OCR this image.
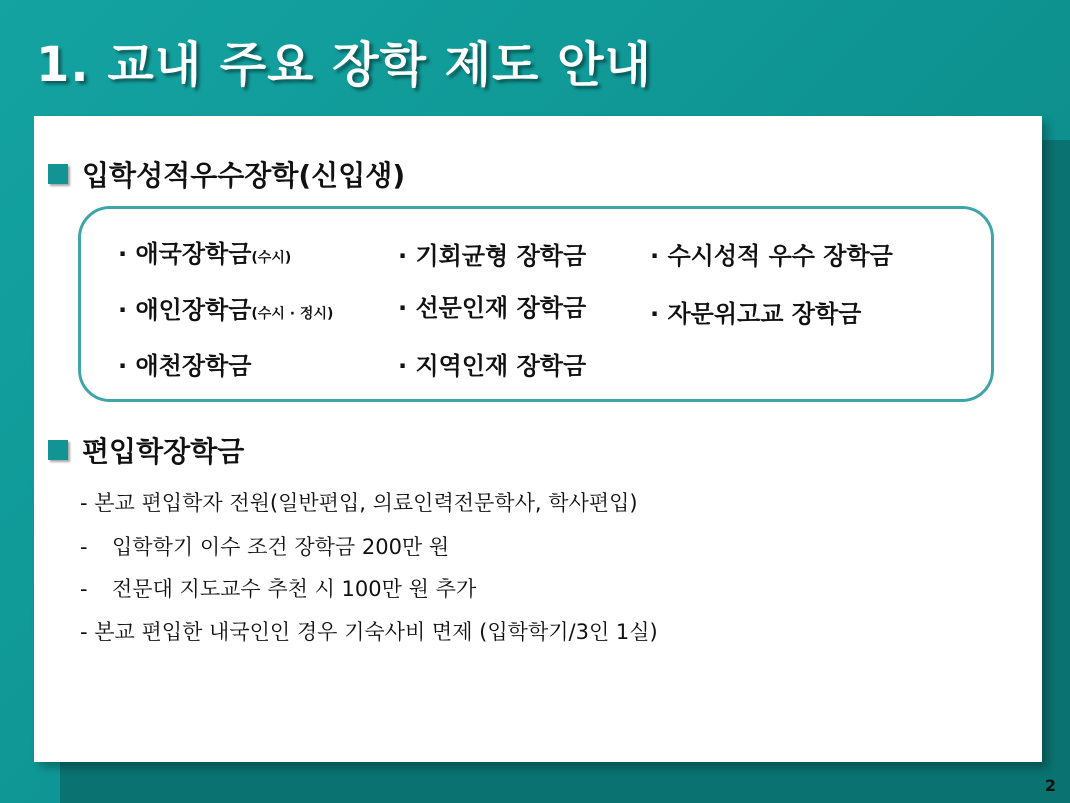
1. 교내 주요 장학 제도 안내
입학성적우수장학(신입생)
· 애국장학금(수시)
· 애인장학금(수시 · 정시)
· 애천장학금
· 기회균형 장학금
· 선문인재 장학금
· 지역인재 장학금
· 수시성적 우수 장학금
· 자문위고교 장학금
편입학장학금
- 본교 편입학자 전원(일반편입, 의료인력전문학사, 학사편입)
- 입학학기 이수 조건 장학금 200만 원
- 전문대 지도교수 추천 시 100만 원 추가
- 본교 편입한 내국인인 경우 기숙사비 면제 (입학학기/3인 1실)
2
